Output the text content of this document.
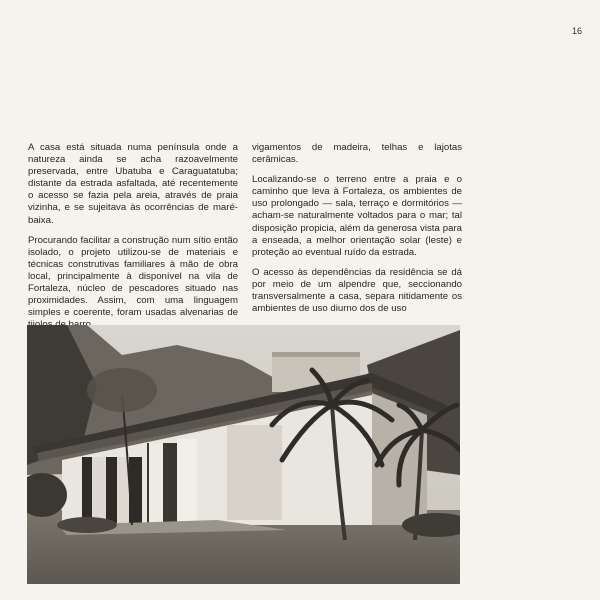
16

A casa está situada numa península onde a natureza ainda se acha razoavelmente preservada, entre Ubatuba e Caraguatatuba; distante da estrada asfaltada, até recentemente o acesso se fazia pela areia, através de praia vizinha, e se sujeitava às ocorrências de maré-baixa.

Procurando facilitar a construção num sítio então isolado, o projeto utilizou-se de materiais e técnicas construtivas familiares à mão de obra local, principalmente à disponível na vila de Fortaleza, núcleo de pescadores situado nas proximidades. Assim, com uma linguagem simples e coerente, foram usadas alvenarias de

vigamentos de madeira, telhas e lajotas cerâmicas.

Localizando-se o terreno entre a praia e o caminho que leva à Fortaleza, os ambientes de uso prolongado — sala, terraço e dormitórios — acham-se naturalmente voltados para o mar; tal disposição propicia, além da generosa vista para a enseada, a melhor orientação solar (leste) e proteção ao eventual ruído da estrada.

O acesso às dependências da residência se dá por meio de um alpendre que, seccionando transversalmente a casa, separa nitidamente os ambientes de uso diurno dos de uso
